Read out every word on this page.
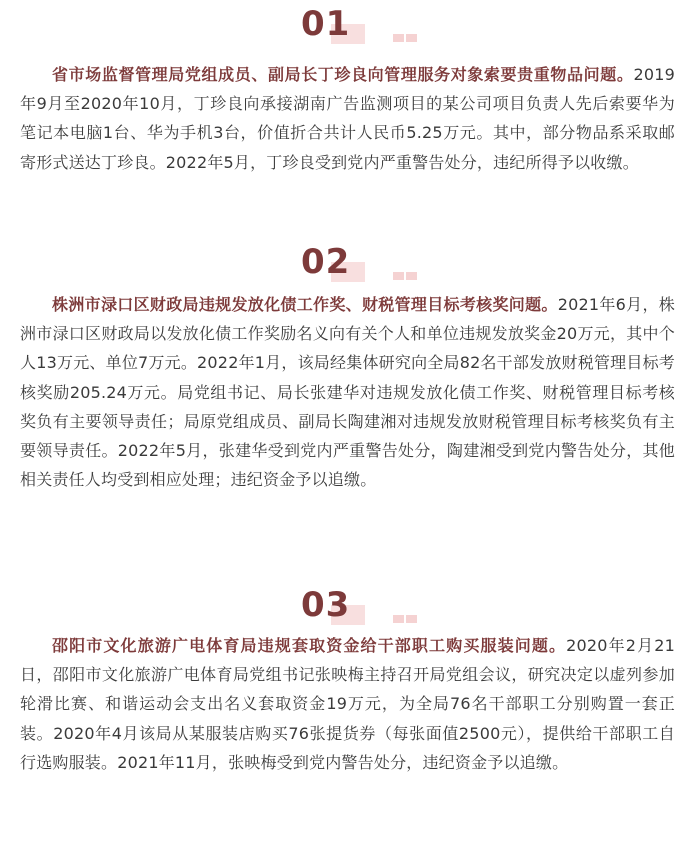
01

省市场监督管理局党组成员、副局长丁珍良向管理服务对象索要贵重物品问题。2019年9月至2020年10月，丁珍良向承接湖南广告监测项目的某公司项目负责人先后索要华为笔记本电脑1台、华为手机3台，价值折合共计人民币5.25万元。其中，部分物品系采取邮寄形式送达丁珍良。2022年5月，丁珍良受到党内严重警告处分，违纪所得予以收缴。

02

株洲市渌口区财政局违规发放化债工作奖、财税管理目标考核奖问题。2021年6月，株洲市渌口区财政局以发放化债工作奖励名义向有关个人和单位违规发放奖金20万元，其中个人13万元、单位7万元。2022年1月，该局经集体研究向全局82名干部发放财税管理目标考核奖励205.24万元。局党组书记、局长张建华对违规发放化债工作奖、财税管理目标考核奖负有主要领导责任；局原党组成员、副局长陶建湘对违规发放财税管理目标考核奖负有主要领导责任。2022年5月，张建华受到党内严重警告处分，陶建湘受到党内警告处分，其他相关责任人均受到相应处理；违纪资金予以追缴。

03

邵阳市文化旅游广电体育局违规套取资金给干部职工购买服装问题。2020年2月21日，邵阳市文化旅游广电体育局党组书记张映梅主持召开局党组会议，研究决定以虚列参加轮滑比赛、和谐运动会支出名义套取资金19万元，为全局76名干部职工分别购置一套正装。2020年4月该局从某服装店购买76张提货券（每张面值2500元），提供给干部职工自行选购服装。2021年11月，张映梅受到党内警告处分，违纪资金予以追缴。
